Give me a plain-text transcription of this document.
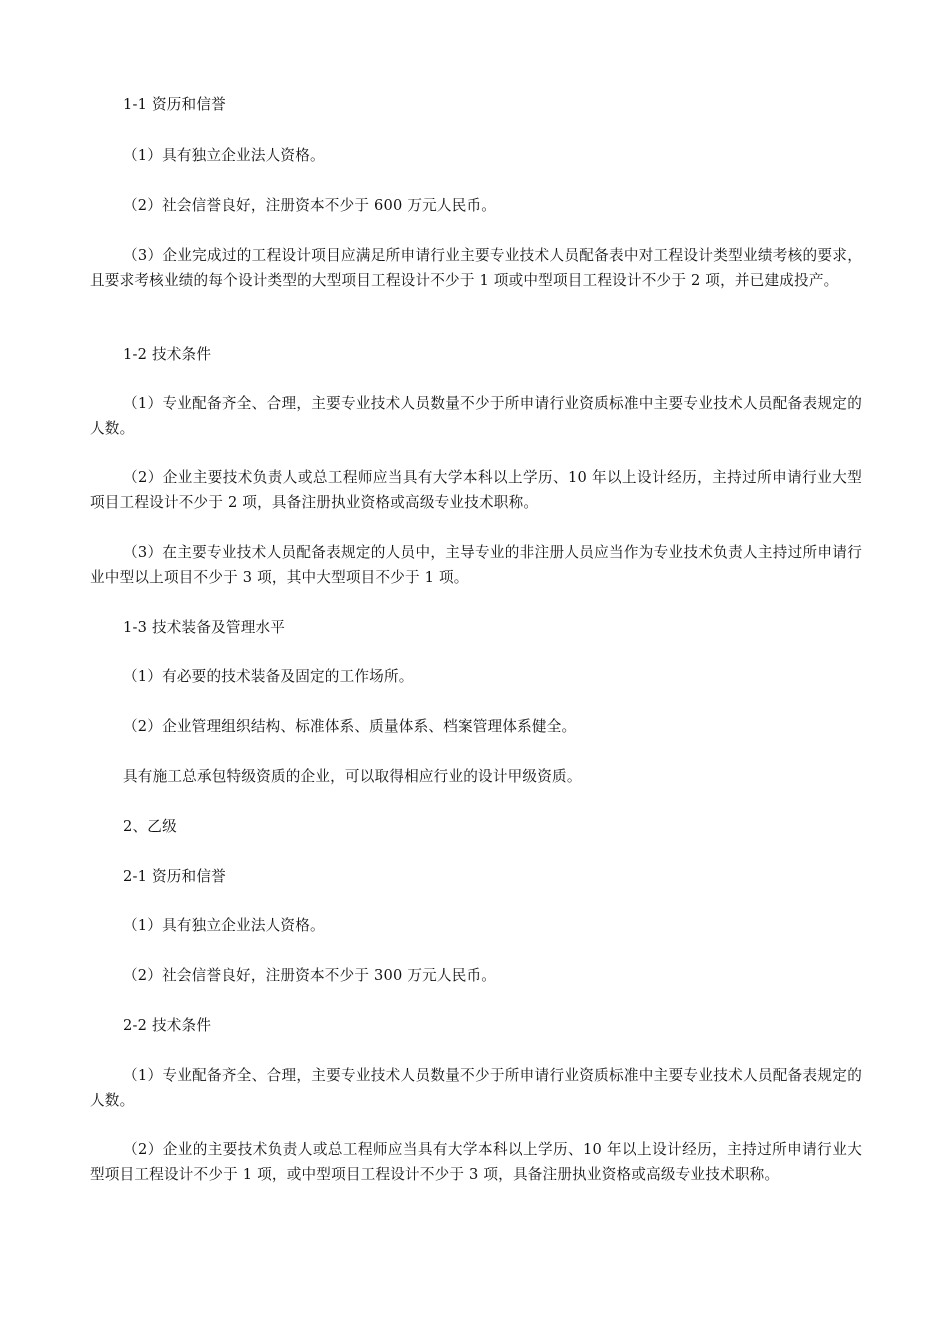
1-1 资历和信誉

（1）具有独立企业法人资格。

（2）社会信誉良好，注册资本不少于 600 万元人民币。

（3）企业完成过的工程设计项目应满足所申请行业主要专业技术人员配备表中对工程设计类型业绩考核的要求，且要求考核业绩的每个设计类型的大型项目工程设计不少于 1 项或中型项目工程设计不少于 2 项，并已建成投产。

1-2 技术条件

（1）专业配备齐全、合理，主要专业技术人员数量不少于所申请行业资质标准中主要专业技术人员配备表规定的人数。

（2）企业主要技术负责人或总工程师应当具有大学本科以上学历、10 年以上设计经历，主持过所申请行业大型项目工程设计不少于 2 项，具备注册执业资格或高级专业技术职称。

（3）在主要专业技术人员配备表规定的人员中，主导专业的非注册人员应当作为专业技术负责人主持过所申请行业中型以上项目不少于 3 项，其中大型项目不少于 1 项。

1-3 技术装备及管理水平

（1）有必要的技术装备及固定的工作场所。

（2）企业管理组织结构、标准体系、质量体系、档案管理体系健全。

具有施工总承包特级资质的企业，可以取得相应行业的设计甲级资质。

2、乙级

2-1 资历和信誉

（1）具有独立企业法人资格。

（2）社会信誉良好，注册资本不少于 300 万元人民币。

2-2 技术条件

（1）专业配备齐全、合理，主要专业技术人员数量不少于所申请行业资质标准中主要专业技术人员配备表规定的人数。

（2）企业的主要技术负责人或总工程师应当具有大学本科以上学历、10 年以上设计经历，主持过所申请行业大型项目工程设计不少于 1 项，或中型项目工程设计不少于 3 项，具备注册执业资格或高级专业技术职称。
